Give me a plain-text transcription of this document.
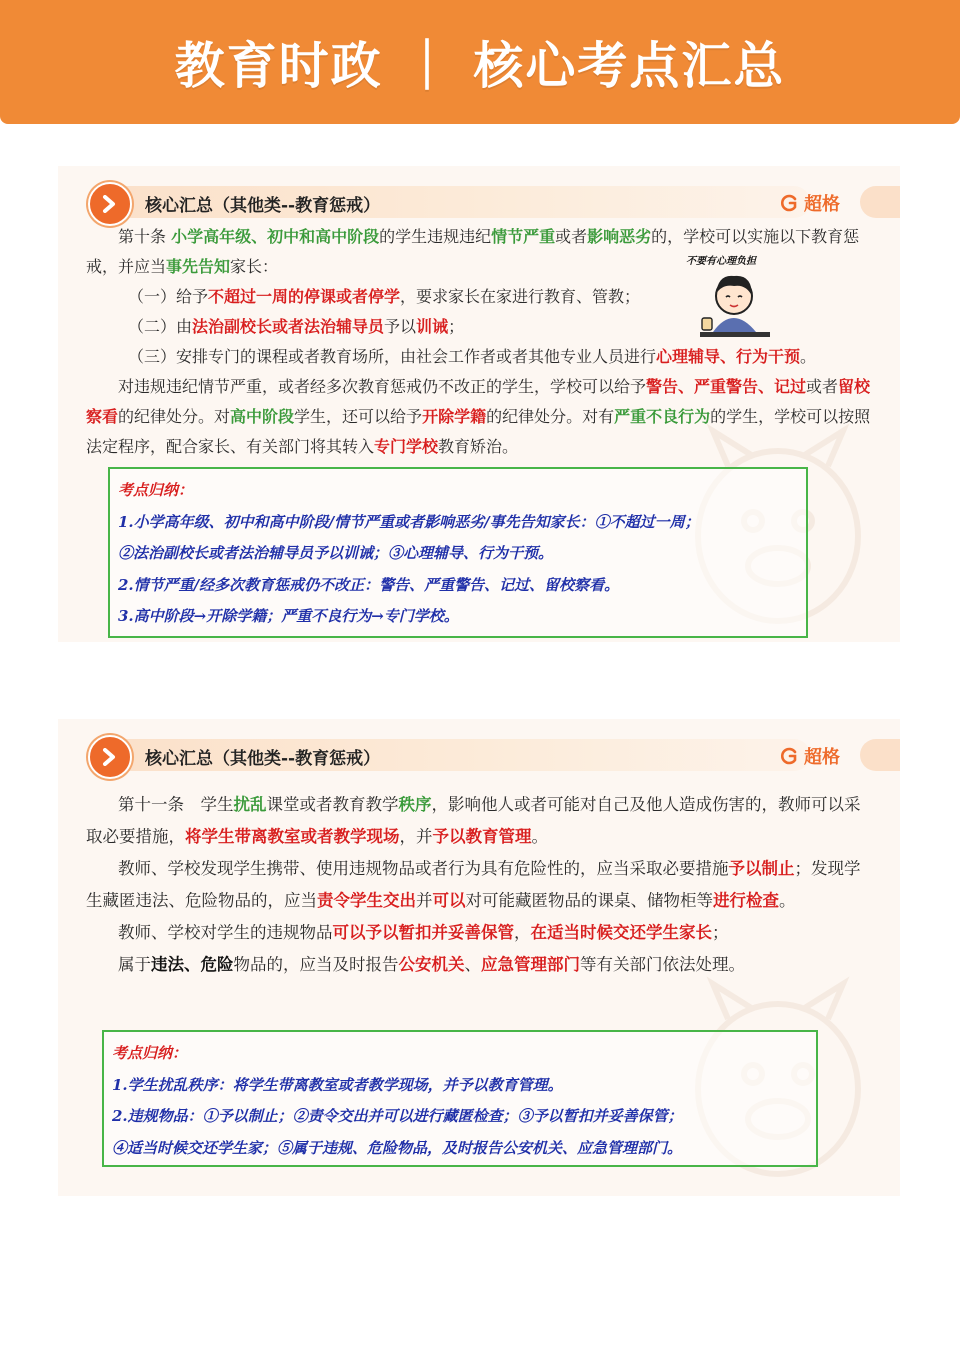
教育时政 ｜ 核心考点汇总
核心汇总（其他类--教育惩戒）	超格
不要有心理负担

第十条 小学高年级、初中和高中阶段的学生违规违纪情节严重或者影响恶劣的，学校可以实施以下教育惩戒，并应当事先告知家长：

（一）给予不超过一周的停课或者停学，要求家长在家进行教育、管教；

（二）由法治副校长或者法治辅导员予以训诫；

（三）安排专门的课程或者教育场所，由社会工作者或者其他专业人员进行心理辅导、行为干预。

对违规违纪情节严重，或者经多次教育惩戒仍不改正的学生，学校可以给予警告、严重警告、记过或者留校察看的纪律处分。对高中阶段学生，还可以给予开除学籍的纪律处分。对有严重不良行为的学生，学校可以按照法定程序，配合家长、有关部门将其转入专门学校教育矫治。

考点归纳：

1.小学高年级、初中和高中阶段/情节严重或者影响恶劣/事先告知家长：①不超过一周；

②法治副校长或者法治辅导员予以训诫；③心理辅导、行为干预。

2.情节严重/经多次教育惩戒仍不改正：警告、严重警告、记过、留校察看。

3.高中阶段→开除学籍；严重不良行为→专门学校。

核心汇总（其他类--教育惩戒）	超格

第十一条　学生扰乱课堂或者教育教学秩序，影响他人或者可能对自己及他人造成伤害的，教师可以采取必要措施，将学生带离教室或者教学现场，并予以教育管理。

教师、学校发现学生携带、使用违规物品或者行为具有危险性的，应当采取必要措施予以制止；发现学生藏匿违法、危险物品的，应当责令学生交出并可以对可能藏匿物品的课桌、储物柜等进行检查。

教师、学校对学生的违规物品可以予以暂扣并妥善保管，在适当时候交还学生家长；

属于违法、危险物品的，应当及时报告公安机关、应急管理部门等有关部门依法处理。

考点归纳：

1.学生扰乱秩序：将学生带离教室或者教学现场，并予以教育管理。

2.违规物品：①予以制止；②责令交出并可以进行藏匿检查；③予以暂扣并妥善保管；

④适当时候交还学生家；⑤属于违规、危险物品，及时报告公安机关、应急管理部门。
